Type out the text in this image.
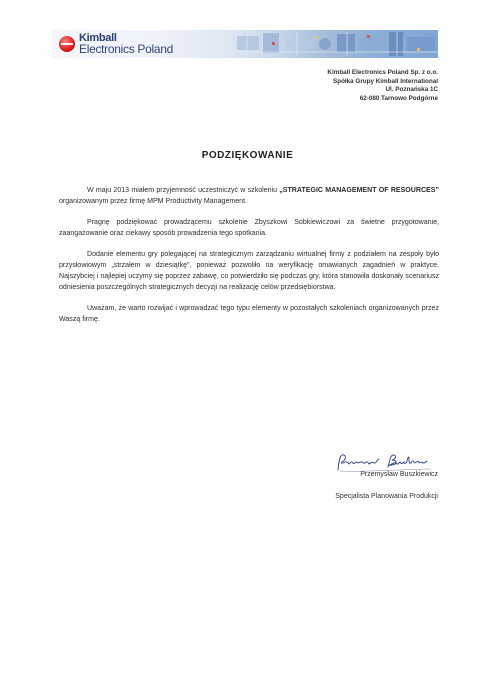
Kimball
Electronics Poland
Kimball Electronics Poland Sp. z o.o.
Spółka Grupy Kimball International
Ul. Poznańska 1C
62-080 Tarnowo Podgórne
PODZIĘKOWANIE

W maju 2013 miałem przyjemność uczestniczyć w szkoleniu „STRATEGIC MANAGEMENT OF RESOURCES” organizowanym przez firmę MPM Productivity Management.

Pragnę podziękować prowadzącemu szkolenie Zbyszkowi Sobkiewiczowi za świetne przygotowanie, zaangażowanie oraz ciekawy sposób prowadzenia tego spotkania.

Dodanie elementu gry polegającej na strategicznym zarządzaniu wirtualnej firmy z podziałem na zespoły było przysłowiowym „strzałem w dziesiątkę”, ponieważ pozwoliło na weryfikację omawianych zagadnień w praktyce. Najszybciej i najlepiej uczymy się poprzez zabawę, co potwierdziło się podczas gry, która stanowiła doskonały scenariusz odniesienia poszczególnych strategicznych decyzji na realizację celów przedsiębiorstwa.

Uważam, że warto rozwijać i wprowadzać tego typu elementy w pozostałych szkoleniach organizowanych przez Waszą firmę.

Przemysław Buszkiewicz
Specjalista Planowania Produkcji
